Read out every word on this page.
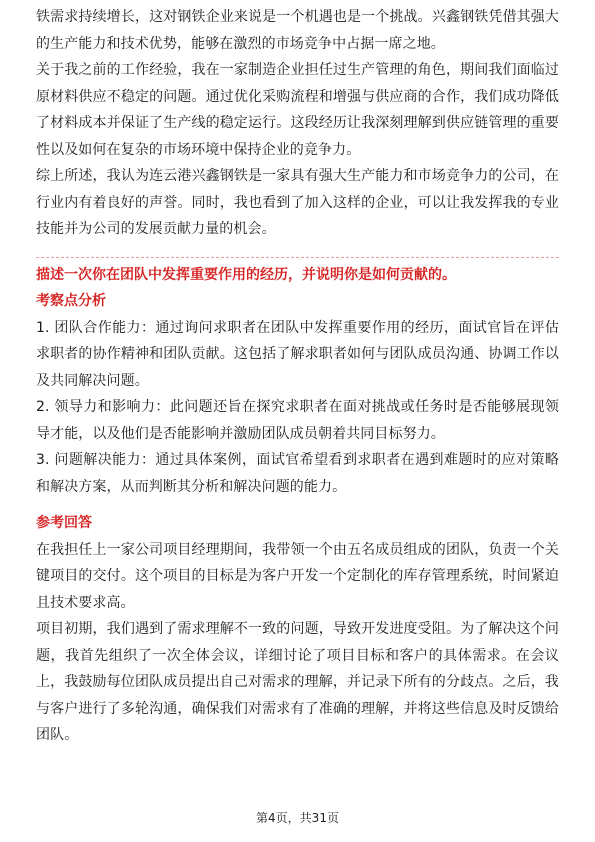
铁需求持续增长，这对钢铁企业来说是一个机遇也是一个挑战。兴鑫钢铁凭借其强大的生产能力和技术优势，能够在激烈的市场竞争中占据一席之地。

关于我之前的工作经验，我在一家制造企业担任过生产管理的角色，期间我们面临过原材料供应不稳定的问题。通过优化采购流程和增强与供应商的合作，我们成功降低了材料成本并保证了生产线的稳定运行。这段经历让我深刻理解到供应链管理的重要性以及如何在复杂的市场环境中保持企业的竞争力。

综上所述，我认为连云港兴鑫钢铁是一家具有强大生产能力和市场竞争力的公司，在行业内有着良好的声誉。同时，我也看到了加入这样的企业，可以让我发挥我的专业技能并为公司的发展贡献力量的机会。

描述一次你在团队中发挥重要作用的经历，并说明你是如何贡献的。

考察点分析

1. 团队合作能力：通过询问求职者在团队中发挥重要作用的经历，面试官旨在评估求职者的协作精神和团队贡献。这包括了解求职者如何与团队成员沟通、协调工作以及共同解决问题。

2. 领导力和影响力：此问题还旨在探究求职者在面对挑战或任务时是否能够展现领导才能，以及他们是否能影响并激励团队成员朝着共同目标努力。

3. 问题解决能力：通过具体案例，面试官希望看到求职者在遇到难题时的应对策略和解决方案，从而判断其分析和解决问题的能力。

参考回答

在我担任上一家公司项目经理期间，我带领一个由五名成员组成的团队，负责一个关键项目的交付。这个项目的目标是为客户开发一个定制化的库存管理系统，时间紧迫且技术要求高。

项目初期，我们遇到了需求理解不一致的问题，导致开发进度受阻。为了解决这个问题，我首先组织了一次全体会议，详细讨论了项目目标和客户的具体需求。在会议上，我鼓励每位团队成员提出自己对需求的理解，并记录下所有的分歧点。之后，我与客户进行了多轮沟通，确保我们对需求有了准确的理解，并将这些信息及时反馈给团队。

第4页，共31页
